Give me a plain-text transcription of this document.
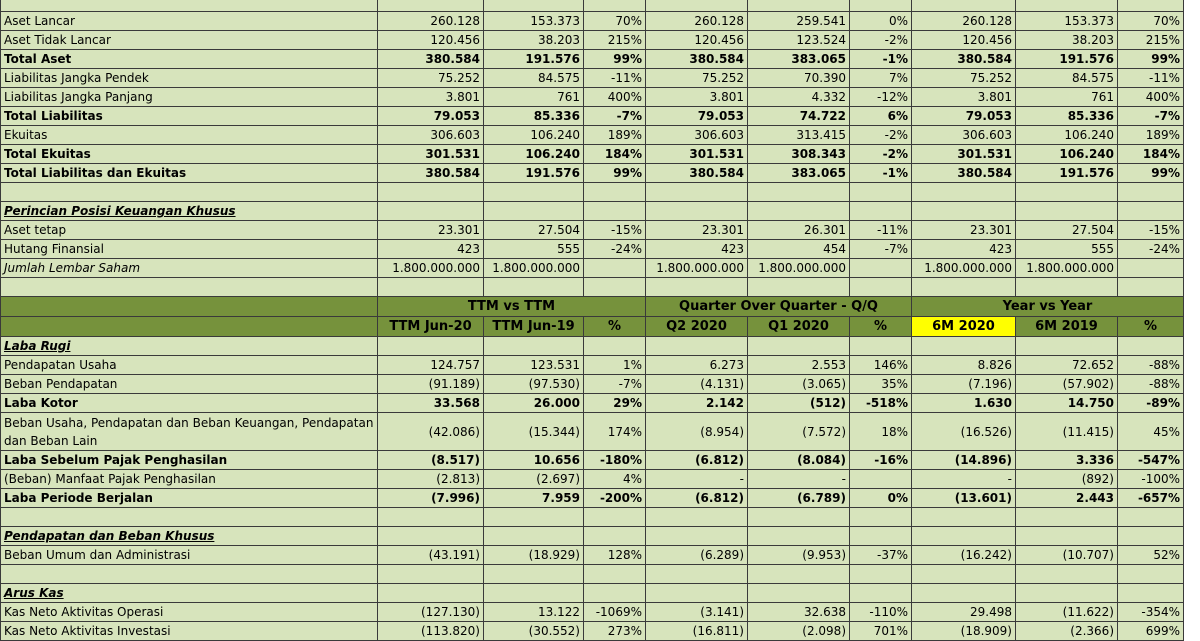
Aset Lancar	260.128	153.373	70%	260.128	259.541	0%	260.128	153.373	70%
Aset Tidak Lancar	120.456	38.203	215%	120.456	123.524	-2%	120.456	38.203	215%
Total Aset	380.584	191.576	99%	380.584	383.065	-1%	380.584	191.576	99%
Liabilitas Jangka Pendek	75.252	84.575	-11%	75.252	70.390	7%	75.252	84.575	-11%
Liabilitas Jangka Panjang	3.801	761	400%	3.801	4.332	-12%	3.801	761	400%
Total Liabilitas	79.053	85.336	-7%	79.053	74.722	6%	79.053	85.336	-7%
Ekuitas	306.603	106.240	189%	306.603	313.415	-2%	306.603	106.240	189%
Total Ekuitas	301.531	106.240	184%	301.531	308.343	-2%	301.531	106.240	184%
Total Liabilitas dan Ekuitas	380.584	191.576	99%	380.584	383.065	-1%	380.584	191.576	99%

Perincian Posisi Keuangan Khusus									
Aset tetap	23.301	27.504	-15%	23.301	26.301	-11%	23.301	27.504	-15%
Hutang Finansial	423	555	-24%	423	454	-7%	423	555	-24%
Jumlah Lembar Saham	1.800.000.000	1.800.000.000		1.800.000.000	1.800.000.000		1.800.000.000	1.800.000.000	

	TTM vs TTM			Quarter Over Quarter - Q/Q			Year vs Year		
	TTM Jun-20	TTM Jun-19	%	Q2 2020	Q1 2020	%	6M 2020	6M 2019	%
Laba Rugi									
Pendapatan Usaha	124.757	123.531	1%	6.273	2.553	146%	8.826	72.652	-88%
Beban Pendapatan	(91.189)	(97.530)	-7%	(4.131)	(3.065)	35%	(7.196)	(57.902)	-88%
Laba Kotor	33.568	26.000	29%	2.142	(512)	-518%	1.630	14.750	-89%
Beban Usaha, Pendapatan dan Beban Keuangan, Pendapatan dan Beban Lain	(42.086)	(15.344)	174%	(8.954)	(7.572)	18%	(16.526)	(11.415)	45%
Laba Sebelum Pajak Penghasilan	(8.517)	10.656	-180%	(6.812)	(8.084)	-16%	(14.896)	3.336	-547%
(Beban) Manfaat Pajak Penghasilan	(2.813)	(2.697)	4%	-	-		-	(892)	-100%
Laba Periode Berjalan	(7.996)	7.959	-200%	(6.812)	(6.789)	0%	(13.601)	2.443	-657%

Pendapatan dan Beban Khusus									
Beban Umum dan Administrasi	(43.191)	(18.929)	128%	(6.289)	(9.953)	-37%	(16.242)	(10.707)	52%

Arus Kas									
Kas Neto Aktivitas Operasi	(127.130)	13.122	-1069%	(3.141)	32.638	-110%	29.498	(11.622)	-354%
Kas Neto Aktivitas Investasi	(113.820)	(30.552)	273%	(16.811)	(2.098)	701%	(18.909)	(2.366)	699%
